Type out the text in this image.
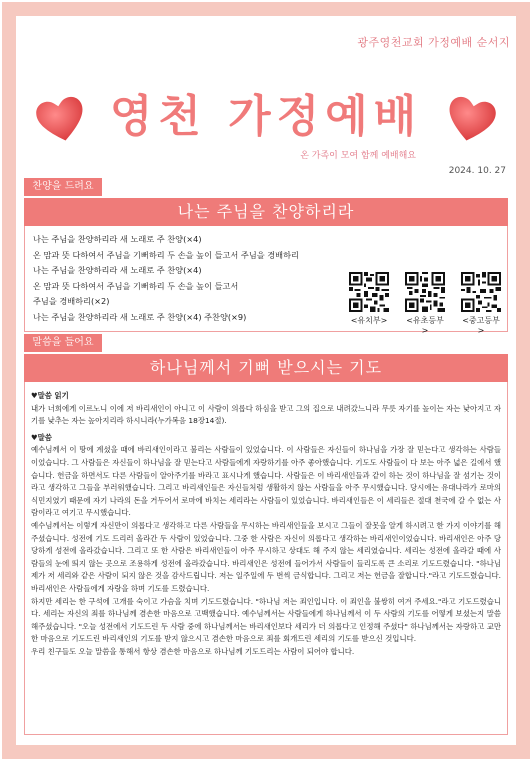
광주영천교회 가정예배 순서지
영천 가정예배
온 가족이 모여 함께 예배해요
2024. 10. 27
찬양을 드려요
나는 주님을 찬양하리라
나는 주님을 찬양하리라 새 노래로 주 찬양(×4)
온 맘과 뜻 다하여서 주님을 기뻐하리 두 손을 높이 들고서 주님을 경배하리
나는 주님을 찬양하리라 새 노래로 주 찬양(×4)
온 맘과 뜻 다하여서 주님을 기뻐하리 두 손을 높이 들고서
주님을 경배하리(×2)
나는 주님을 찬양하리라 새 노래로 주 찬양(×4) 주찬양(×9)	<유치부>	<유초등부>
<중고등부>
말씀을 들어요
하나님께서 기뻐 받으시는 기도
♥말씀 읽기
내가 너희에게 이르노니 이에 저 바리새인이 아니고 이 사람이 의롭다 하심을 받고 그의 집으로 내려갔느니라 무릇 자기를 높이는 자는 낮아지고 자기를 낮추는 자는 높아지리라 하시니라(누가복음 18장14절).
♥말씀
예수님께서 이 땅에 계셨을 때에 바리새인이라고 불리는 사람들이 있었습니다. 이 사람들은 자신들이 하나님을 가장 잘 믿는다고 생각하는 사람들이었습니다. 그 사람들은 자신들이 하나님을 잘 믿는다고 사람들에게 자랑하기를 아주 좋아했습니다. 기도도 사람들이 다 보는 아주 넓은 길에서 했습니다. 헌금을 하면서도 다른 사람들이 알아주기를 바라고 표시나게 했습니다. 사람들은 이 바리새인들과 같이 하는 것이 하나님을 잘 섬기는 것이라고 생각하고 그들을 부러워했습니다. 그리고 바리새인들은 자신들처럼 생활하지 않는 사람들을 아주 무시했습니다. 당시에는 유대나라가 로마의 식민지였기 때문에 자기 나라의 돈을 거두어서 로마에 바치는 세리라는 사람들이 있었습니다. 바리새인들은 이 세리들은 절대 천국에 갈 수 없는 사람이라고 여기고 무시했습니다.
예수님께서는 이렇게 자신만이 의롭다고 생각하고 다른 사람들을 무시하는 바리새인들을 보시고 그들이 잘못을 알게 하시려고 한 가지 이야기를 해주셨습니다. 성전에 기도 드리러 올라간 두 사람이 있었습니다. 그중 한 사람은 자신이 의롭다고 생각하는 바리새인이었습니다. 바리새인은 아주 당당하게 성전에 올라갔습니다. 그리고 또 한 사람은 바리새인들이 아주 무시하고 상대도 해 주지 않는 세리였습니다. 세리는 성전에 올라갈 때에 사람들의 눈에 띄지 않는 곳으로 조용하게 성전에 올라갔습니다. 바리새인은 성전에 들어가서 사람들이 들리도록 큰 소리로 기도드렸습니다. "하나님 제가 저 세리와 같은 사람이 되지 않은 것을 감사드립니다. 저는 일주일에 두 번씩 금식합니다. 그리고 저는 헌금을 잘합니다."라고 기도드렸습니다. 바리새인은 사람들에게 자랑을 하며 기도를 드렸습니다.
하지만 세리는 한 구석에 고개를 숙이고 가슴을 치며 기도드렸습니다. "하나님 저는 죄인입니다. 이 죄인을 불쌍히 여겨 주세요."라고 기도드렸습니다. 세리는 자신의 죄를 하나님께 겸손한 마음으로 고백했습니다. 예수님께서는 사람들에게 하나님께서 이 두 사람의 기도를 어떻게 보셨는지 말씀해주셨습니다. "오늘 성전에서 기도드린 두 사람 중에 하나님께서는 바리새인보다 세리가 더 의롭다고 인정해 주셨다" 하나님께서는 자랑하고 교만한 마음으로 기도드린 바리새인의 기도를 받지 않으시고 겸손한 마음으로 죄를 회개드린 세리의 기도를 받으신 것입니다.
우리 친구들도 오늘 말씀을 통해서 항상 겸손한 마음으로 하나님께 기도드리는 사람이 되어야 합니다.
